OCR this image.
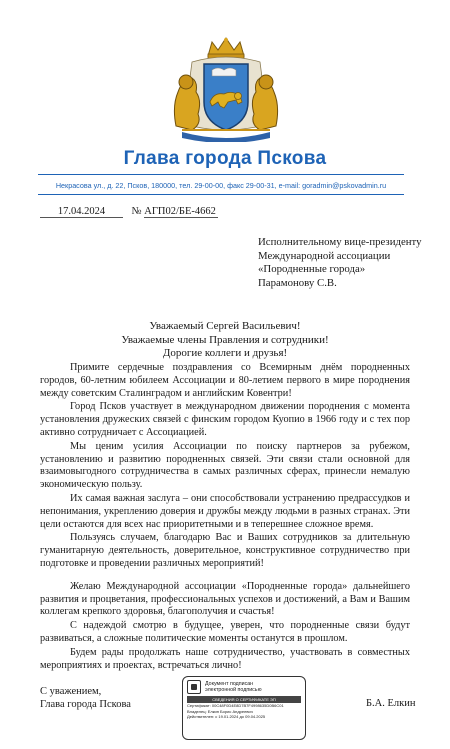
Глава города Пскова
Некрасова ул., д. 22, Псков, 180000, тел. 29-00-00, факс 29-00-31, e-mail: goradmin@pskovadmin.ru
17.04.2024	№ АГП02/БЕ-4662
Исполнительному вице-президенту
Международной ассоциации
«Породненные города»
Парамонову С.В.
Уважаемый Сергей Васильевич!
Уважаемые члены Правления и сотрудники!
Дорогие коллеги и друзья!

Примите сердечные поздравления со Всемирным днём породненных городов, 60-летним юбилеем Ассоциации и 80-летием первого в мире породнения между советским Сталинградом и английским Ковентри!

Город Псков участвует в международном движении породнения с момента установления дружеских связей с финским городом Куопио в 1966 году и с тех пор активно сотрудничает с Ассоциацией.

Мы ценим усилия Ассоциации по поиску партнеров за рубежом, установлению и развитию породненных связей. Эти связи стали основной для взаимовыгодного сотрудничества в самых различных сферах, принесли немалую экономическую пользу.

Их самая важная заслуга – они способствовали устранению предрассудков и непонимания, укреплению доверия и дружбы между людьми в разных странах. Эти цели остаются для всех нас приоритетными и в теперешнее сложное время.

Пользуясь случаем, благодарю Вас и Ваших сотрудников за длительную гуманитарную деятельность, доверительное, конструктивное сотрудничество при подготовке и проведении различных мероприятий!

Желаю Международной ассоциации «Породненные города» дальнейшего развития и процветания, профессиональных успехов и достижений, а Вам и Вашим коллегам крепкого здоровья, благополучия и счастья!

С надеждой смотрю в будущее, уверен, что породненные связи будут развиваться, а сложные политические моменты останутся в прошлом.

Будем рады продолжать наше сотрудничество, участвовать в совместных мероприятиях и проектах, встречаться лично!

С уважением,
Глава города Пскова
Документ подписан
электронной подписью
СВЕДЕНИЯ О СЕРТИФИКАТЕ ЭП
Сертификат: 00C48F0D4E8D7B7F4998635D0B6C01
Владелец: Елкин Борис Андреевич
Действителен: с 19.01.2024 до 09.04.2025
Б.А. Елкин
